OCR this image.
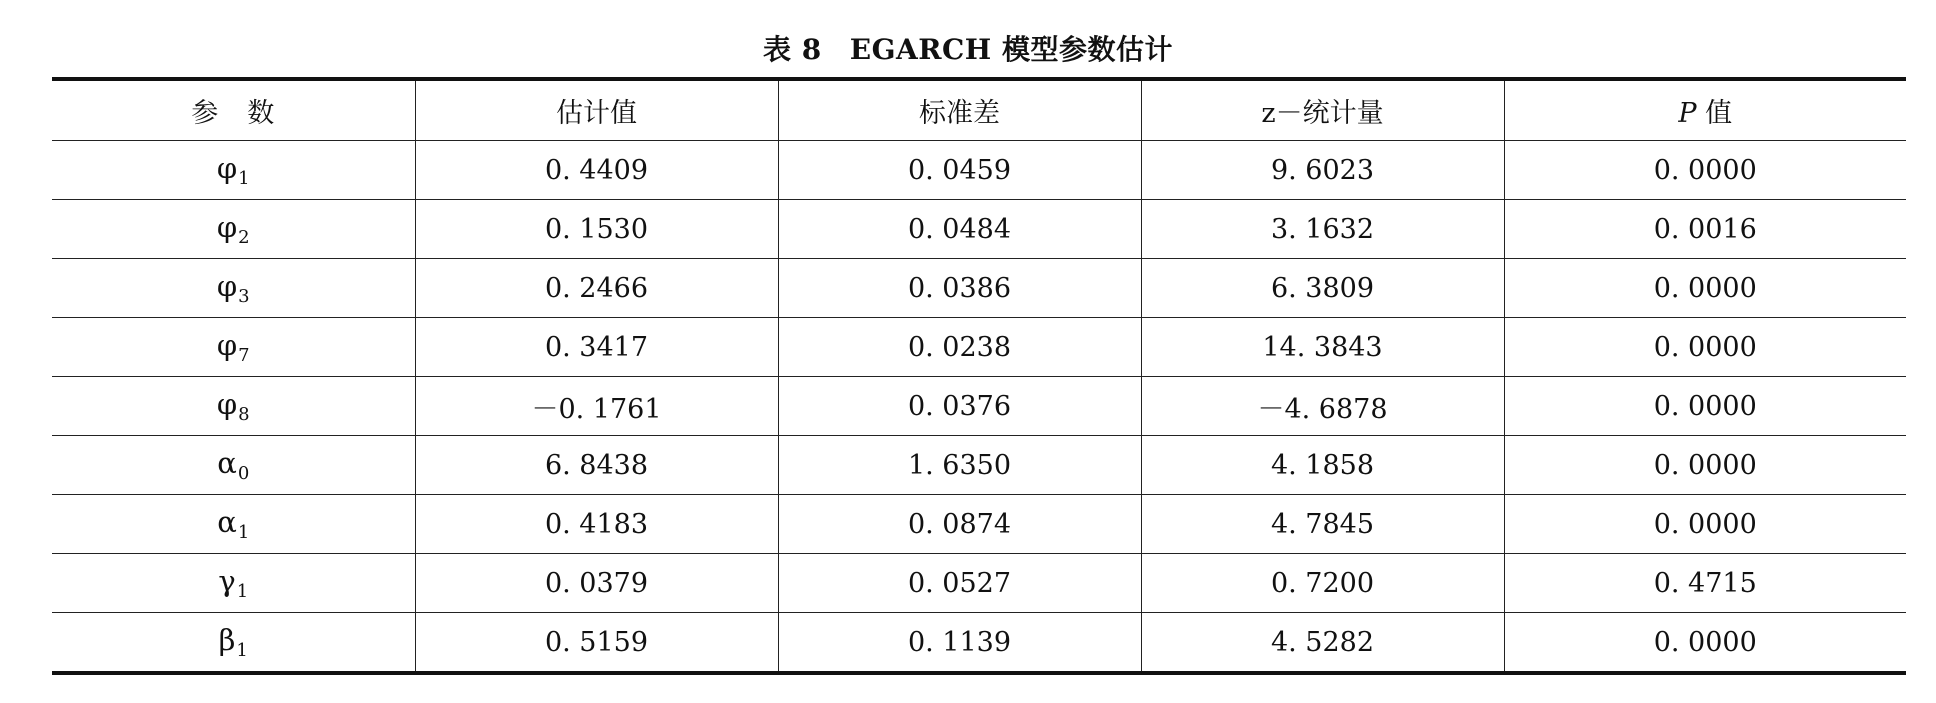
表 8 EGARCH 模型参数估计
参　数	估计值	标准差	z－统计量	P 值
$\varphi_1$	0. 4409	0. 0459	9. 6023	0. 0000
$\varphi_2$	0. 1530	0. 0484	3. 1632	0. 0016
$\varphi_3$	0. 2466	0. 0386	6. 3809	0. 0000
$\varphi_7$	0. 3417	0. 0238	14. 3843	0. 0000
$\varphi_8$	－0. 1761	0. 0376	－4. 6878	0. 0000
$\alpha_0$	6. 8438	1. 6350	4. 1858	0. 0000
$\alpha_1$	0. 4183	0. 0874	4. 7845	0. 0000
$\gamma_1$	0. 0379	0. 0527	0. 7200	0. 4715
$\beta_1$	0. 5159	0. 1139	4. 5282	0. 0000
